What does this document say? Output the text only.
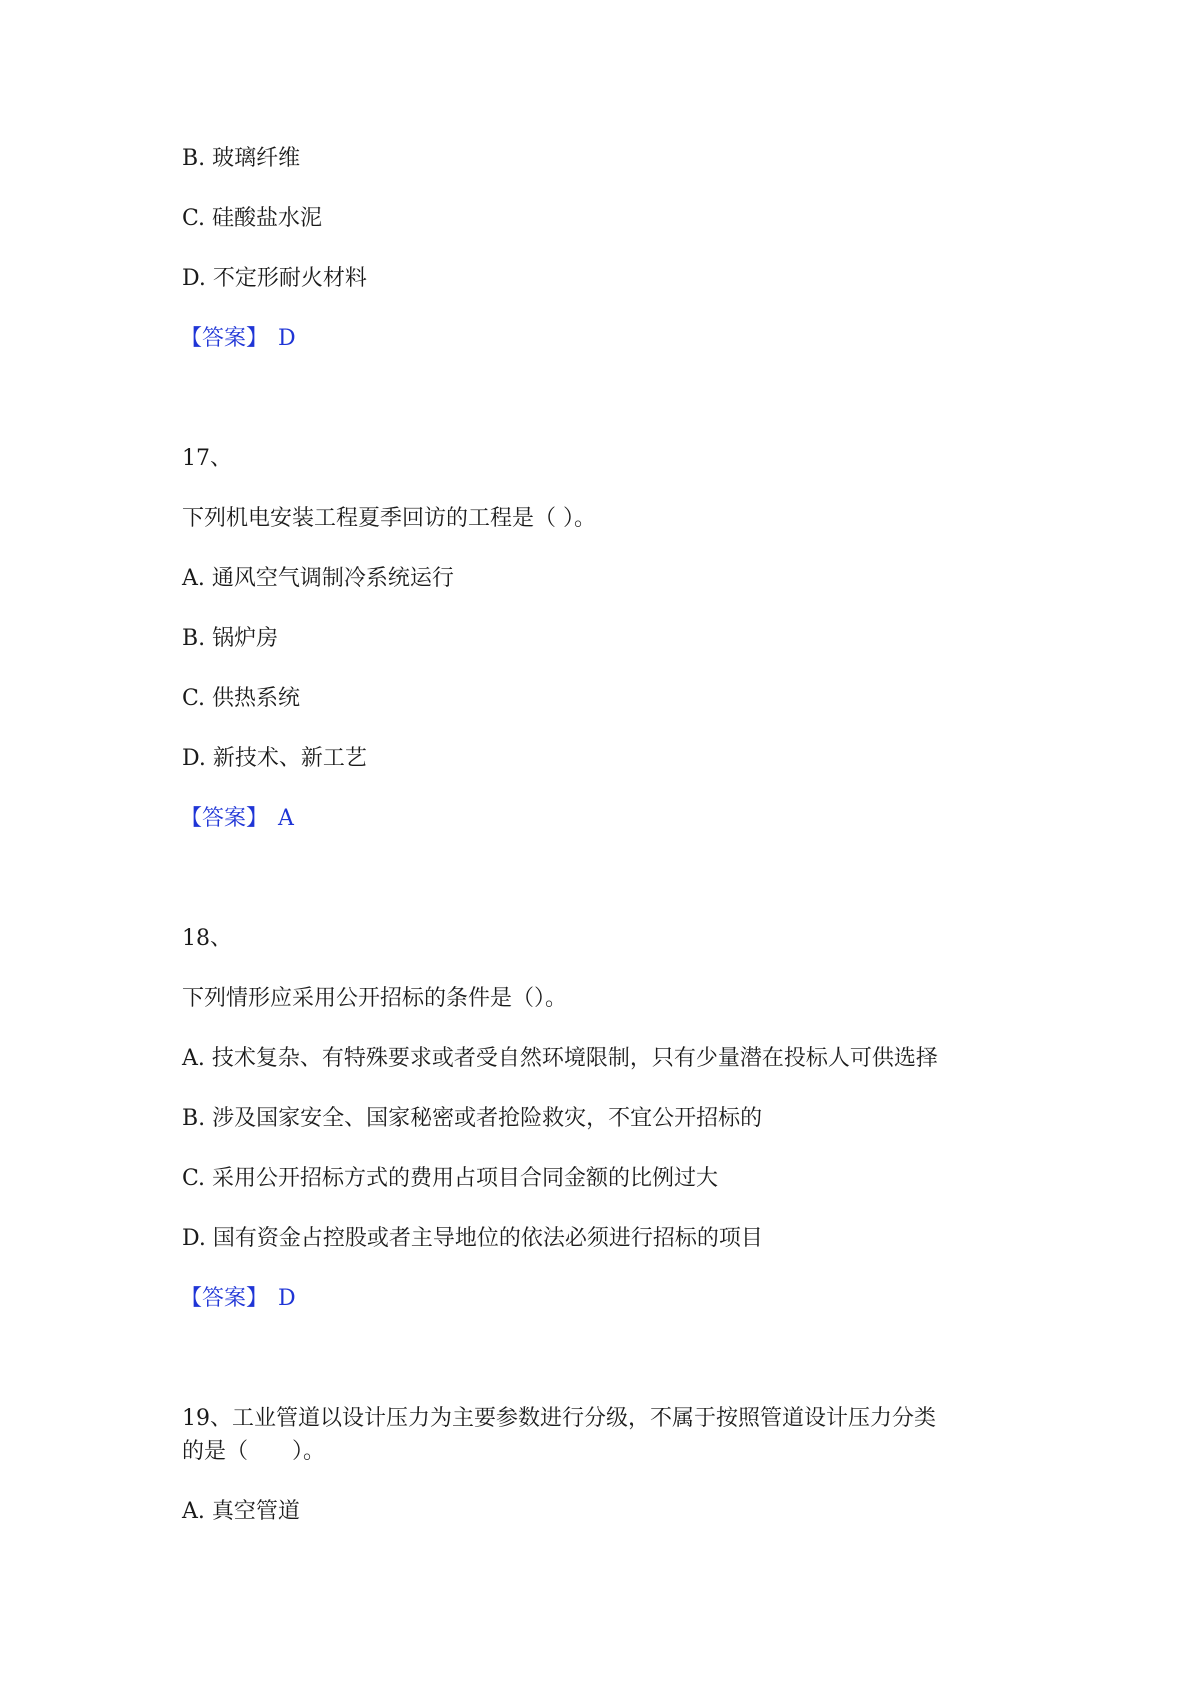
B. 玻璃纤维
C. 硅酸盐水泥
D. 不定形耐火材料
【答案】 D
17、
下列机电安装工程夏季回访的工程是（ ）。
A. 通风空气调制冷系统运行
B. 锅炉房
C. 供热系统
D. 新技术、新工艺
【答案】 A
18、
下列情形应采用公开招标的条件是（）。
A. 技术复杂、有特殊要求或者受自然环境限制，只有少量潜在投标人可供选择
B. 涉及国家安全、国家秘密或者抢险救灾，不宜公开招标的
C. 采用公开招标方式的费用占项目合同金额的比例过大
D. 国有资金占控股或者主导地位的依法必须进行招标的项目
【答案】 D
19、工业管道以设计压力为主要参数进行分级，不属于按照管道设计压力分类
的是（　　）。
A. 真空管道
